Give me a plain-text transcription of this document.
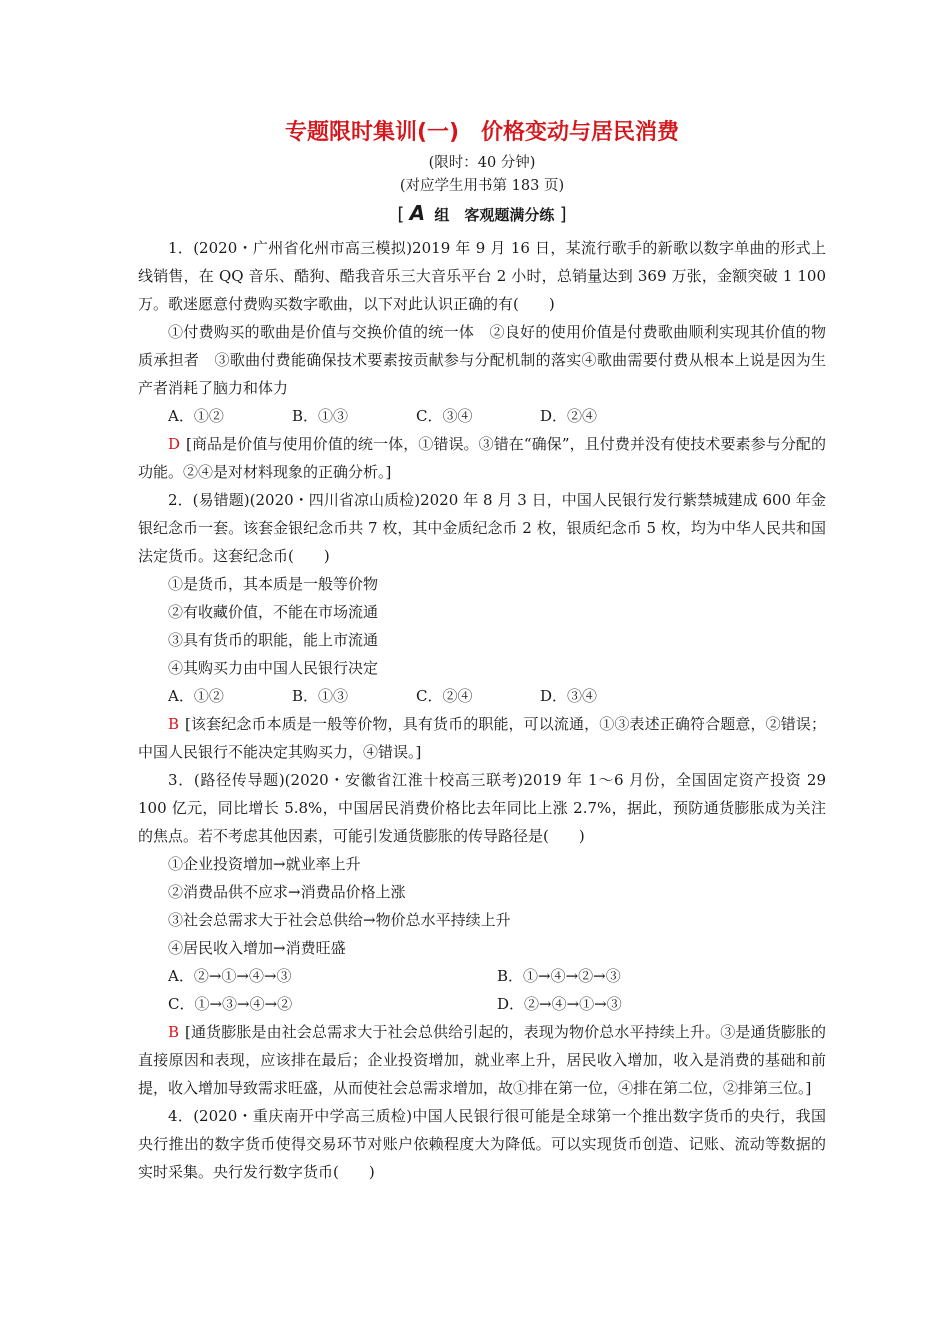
专题限时集训(一)　价格变动与居民消费
(限时：40 分钟)
(对应学生用书第 183 页)
[ A 组　客观题满分练 ]
1．(2020・广州省化州市高三模拟)2019 年 9 月 16 日，某流行歌手的新歌以数字单曲的形式上线销售，在 QQ 音乐、酷狗、酷我音乐三大音乐平台 2 小时，总销量达到 369 万张，金额突破 1 100 万。歌迷愿意付费购买数字歌曲，以下对此认识正确的有(　　)
①付费购买的歌曲是价值与交换价值的统一体　②良好的使用价值是付费歌曲顺利实现其价值的物质承担者　③歌曲付费能确保技术要素按贡献参与分配机制的落实④歌曲需要付费从根本上说是因为生产者消耗了脑力和体力
A．①②	B．①③	C．③④	D．②④
D [商品是价值与使用价值的统一体，①错误。③错在“确保”，且付费并没有使技术要素参与分配的功能。②④是对材料现象的正确分析。]
2．(易错题)(2020・四川省凉山质检)2020 年 8 月 3 日，中国人民银行发行紫禁城建成 600 年金银纪念币一套。该套金银纪念币共 7 枚，其中金质纪念币 2 枚，银质纪念币 5 枚，均为中华人民共和国法定货币。这套纪念币(　　)
①是货币，其本质是一般等价物
②有收藏价值，不能在市场流通
③具有货币的职能，能上市流通
④其购买力由中国人民银行决定
A．①②	B．①③	C．②④	D．③④
B [该套纪念币本质是一般等价物，具有货币的职能，可以流通，①③表述正确符合题意，②错误；中国人民银行不能决定其购买力，④错误。]
3．(路径传导题)(2020・安徽省江淮十校高三联考)2019 年 1～6 月份，全国固定资产投资 29 100 亿元，同比增长 5.8%，中国居民消费价格比去年同比上涨 2.7%，据此，预防通货膨胀成为关注的焦点。若不考虑其他因素，可能引发通货膨胀的传导路径是(　　)
①企业投资增加→就业率上升
②消费品供不应求→消费品价格上涨
③社会总需求大于社会总供给→物价总水平持续上升
④居民收入增加→消费旺盛
A．②→①→④→③	B．①→④→②→③
C．①→③→④→②	D．②→④→①→③
B [通货膨胀是由社会总需求大于社会总供给引起的，表现为物价总水平持续上升。③是通货膨胀的直接原因和表现，应该排在最后；企业投资增加，就业率上升，居民收入增加，收入是消费的基础和前提，收入增加导致需求旺盛，从而使社会总需求增加，故①排在第一位，④排在第二位，②排第三位。]
4．(2020・重庆南开中学高三质检)中国人民银行很可能是全球第一个推出数字货币的央行，我国央行推出的数字货币使得交易环节对账户依赖程度大为降低。可以实现货币创造、记账、流动等数据的实时采集。央行发行数字货币(　　)
